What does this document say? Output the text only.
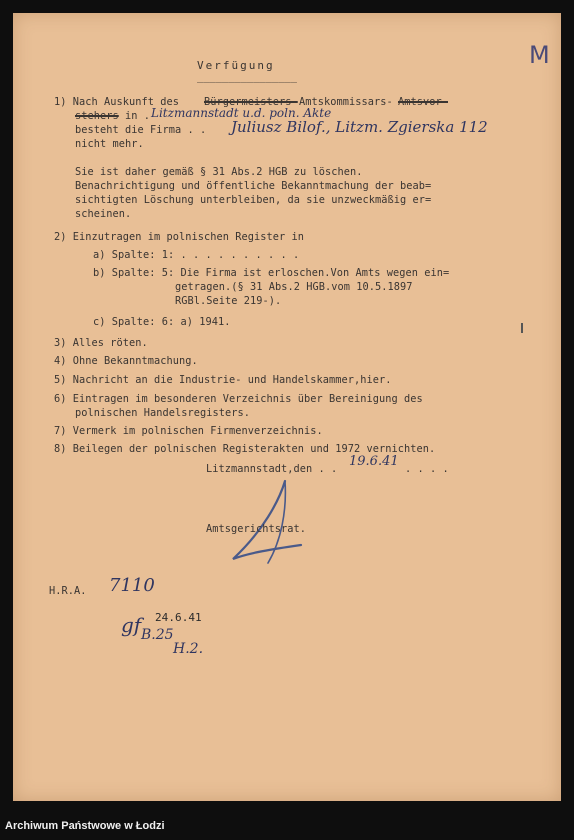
M
Verfügung
________________
1) Nach Auskunft des Bürgermeisters- Amtskommissars- Amtsvor-
stehers in . Litzmannstadt u.d. poln. Akte
besteht die Firma . . Juliusz Bilof., Litzm. Zgierska 112
nicht mehr.
Sie ist daher gemäß § 31 Abs.2 HGB zu löschen.
Benachrichtigung und öffentliche Bekanntmachung der beab=
sichtigten Löschung unterbleiben, da sie unzweckmäßig er=
scheinen.
2) Einzutragen im polnischen Register in
a) Spalte: 1: . . . . . . . . . .
b) Spalte: 5: Die Firma ist erloschen.Von Amts wegen ein=
getragen.(§ 31 Abs.2 HGB.vom 10.5.1897
RGBl.Seite 219-).
c) Spalte: 6: a) 1941.
3) Alles röten.
4) Ohne Bekanntmachung.
5) Nachricht an die Industrie- und Handelskammer,hier.
6) Eintragen im besonderen Verzeichnis über Bereinigung des
polnischen Handelsregisters.
7) Vermerk im polnischen Firmenverzeichnis.
8) Beilegen der polnischen Registerakten und 1972 vernichten.
Litzmannstadt,den . . 19.6.41 . . . .
Amtsgerichtsrat.
H.R.A. 7110
gf 24.6.41
B.25
H.2.
Archiwum Państwowe w Łodzi
